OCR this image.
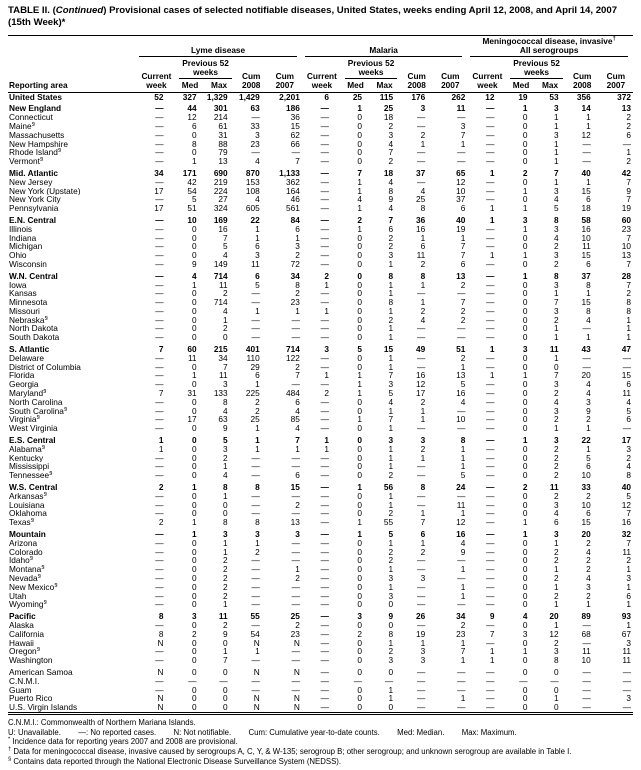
TABLE II. (Continued) Provisional cases of selected notifiable diseases, United States, weeks ending April 12, 2008, and April 14, 2007 (15th Week)*
Reporting area	Lyme disease					Malaria					Meningococcal disease, invasive†
All serogroups				

	Current week	Previous 52 weeks		Cum 2008	Cum 2007	Current week	Previous 52 weeks		Cum 2008	Cum 2007	Current week	Previous 52 weeks		Cum 2008	Cum 2007
		Med	Max				Med	Max				Med	Max		
United States	52	327	1,329	1,429	2,201	6	25	115	176	262	12	19	53	356	372

New England	—	44	301	63	186	—	1	25	3	11	—	1	3	14	13
Connecticut	—	12	214	—	36	—	0	18	—	—	—	0	1	1	2
Maine§	—	6	61	33	15	—	0	2	—	3	—	0	1	1	2
Massachusetts	—	0	31	3	62	—	0	3	2	7	—	0	3	12	6
New Hampshire	—	8	88	23	66	—	0	4	1	1	—	0	1	—	—
Rhode Island§	—	0	79	—	—	—	0	7	—	—	—	0	1	—	1
Vermont§	—	1	13	4	7	—	0	2	—	—	—	0	1	—	2

Mid. Atlantic	34	171	690	870	1,133	—	7	18	37	65	1	2	7	40	42
New Jersey	—	42	219	153	362	—	1	4	—	12	—	0	1	1	7
New York (Upstate)	17	54	224	108	164	—	1	8	4	10	—	1	3	15	9
New York City	—	5	27	4	46	—	4	9	25	37	—	0	4	6	7
Pennsylvania	17	51	324	605	561	—	1	4	8	6	1	1	5	18	19

E.N. Central	—	10	169	22	84	—	2	7	36	40	1	3	8	58	60
Illinois	—	0	16	1	6	—	1	6	16	19	—	1	3	16	23
Indiana	—	0	7	1	1	—	0	2	1	1	—	0	4	10	7
Michigan	—	0	5	6	3	—	0	2	6	7	—	0	2	11	10
Ohio	—	0	4	3	2	—	0	3	11	7	1	1	3	15	13
Wisconsin	—	9	149	11	72	—	0	1	2	6	—	0	2	6	7

W.N. Central	—	4	714	6	34	2	0	8	8	13	—	1	8	37	28
Iowa	—	1	11	5	8	1	0	1	1	2	—	0	3	8	7
Kansas	—	0	2	—	2	—	0	1	—	—	—	0	1	1	2
Minnesota	—	0	714	—	23	—	0	8	1	7	—	0	7	15	8
Missouri	—	0	4	1	1	1	0	1	2	2	—	0	3	8	8
Nebraska§	—	0	1	—	—	—	0	2	4	2	—	0	2	4	1
North Dakota	—	0	2	—	—	—	0	1	—	—	—	0	1	—	1
South Dakota	—	0	0	—	—	—	0	1	—	—	—	0	1	1	1

S. Atlantic	7	60	215	401	714	3	5	15	49	51	1	3	11	43	47
Delaware	—	11	34	110	122	—	0	1	—	2	—	0	1	—	—
District of Columbia	—	0	7	29	2	—	0	1	—	1	—	0	0	—	—
Florida	—	1	11	6	7	1	1	7	16	13	1	1	7	20	15
Georgia	—	0	3	1	—	—	1	3	12	5	—	0	3	4	6
Maryland§	7	31	133	225	484	2	1	5	17	16	—	0	2	4	11
North Carolina	—	0	8	2	6	—	0	4	2	4	—	0	4	3	4
South Carolina§	—	0	4	2	4	—	0	1	1	—	—	0	3	9	5
Virginia§	—	17	63	25	85	—	1	7	1	10	—	0	2	2	6
West Virginia	—	0	9	1	4	—	0	1	—	—	—	0	1	1	—

E.S. Central	1	0	5	1	7	1	0	3	3	8	—	1	3	22	17
Alabama§	1	0	3	1	1	1	0	1	2	1	—	0	2	1	3
Kentucky	—	0	2	—	—	—	0	1	1	1	—	0	2	5	2
Mississippi	—	0	1	—	—	—	0	1	—	1	—	0	2	6	4
Tennessee§	—	0	4	—	6	—	0	2	—	5	—	0	2	10	8

W.S. Central	2	1	8	8	15	—	1	56	8	24	—	2	11	33	40
Arkansas§	—	0	1	—	—	—	0	1	—	—	—	0	2	2	5
Louisiana	—	0	0	—	2	—	0	1	—	11	—	0	3	10	12
Oklahoma	—	0	0	—	—	—	0	2	1	1	—	0	4	6	7
Texas§	2	1	8	8	13	—	1	55	7	12	—	1	6	15	16

Mountain	—	1	3	3	3	—	1	5	6	16	—	1	3	20	32
Arizona	—	0	1	1	—	—	0	1	1	4	—	0	1	2	7
Colorado	—	0	1	2	—	—	0	2	2	9	—	0	2	4	11
Idaho§	—	0	2	—	—	—	0	2	—	—	—	0	2	2	2
Montana§	—	0	2	—	1	—	0	1	—	1	—	0	1	2	1
Nevada§	—	0	2	—	2	—	0	3	3	—	—	0	2	4	3
New Mexico§	—	0	2	—	—	—	0	1	—	1	—	0	1	3	1
Utah	—	0	2	—	—	—	0	3	—	1	—	0	2	2	6
Wyoming§	—	0	1	—	—	—	0	0	—	—	—	0	1	1	1

Pacific	8	3	11	55	25	—	3	9	26	34	9	4	20	89	93
Alaska	—	0	2	—	2	—	0	0	—	2	—	0	1	—	1
California	8	2	9	54	23	—	2	8	19	23	7	3	12	68	67
Hawaii	N	0	0	N	N	—	0	1	1	1	—	0	2	—	3
Oregon§	—	0	1	1	—	—	0	2	3	7	1	1	3	11	11
Washington	—	0	7	—	—	—	0	3	3	1	1	0	8	10	11

American Samoa	N	0	0	N	N	—	0	0	—	—	—	0	0	—	—
C.N.M.I.	—	—	—	—	—	—	—	—	—	—	—	—	—	—	—
Guam	—	0	0	—	—	—	0	1	—	—	—	0	0	—	—
Puerto Rico	N	0	0	N	N	—	0	1	—	1	—	0	1	—	3
U.S. Virgin Islands	N	0	0	N	N	—	0	0	—	—	—	0	0	—	—
C.N.M.I.: Commonwealth of Northern Mariana Islands.
U: Unavailable.        —: No reported cases.        N: Not notifiable.        Cum: Cumulative year-to-date counts.        Med: Median.        Max: Maximum.
* Incidence data for reporting years 2007 and 2008 are provisional.
† Data for meningococcal disease, invasive caused by serogroups A, C, Y, & W-135; serogroup B; other serogroup; and unknown serogroup are available in Table I.
§ Contains data reported through the National Electronic Disease Surveillance System (NEDSS).
